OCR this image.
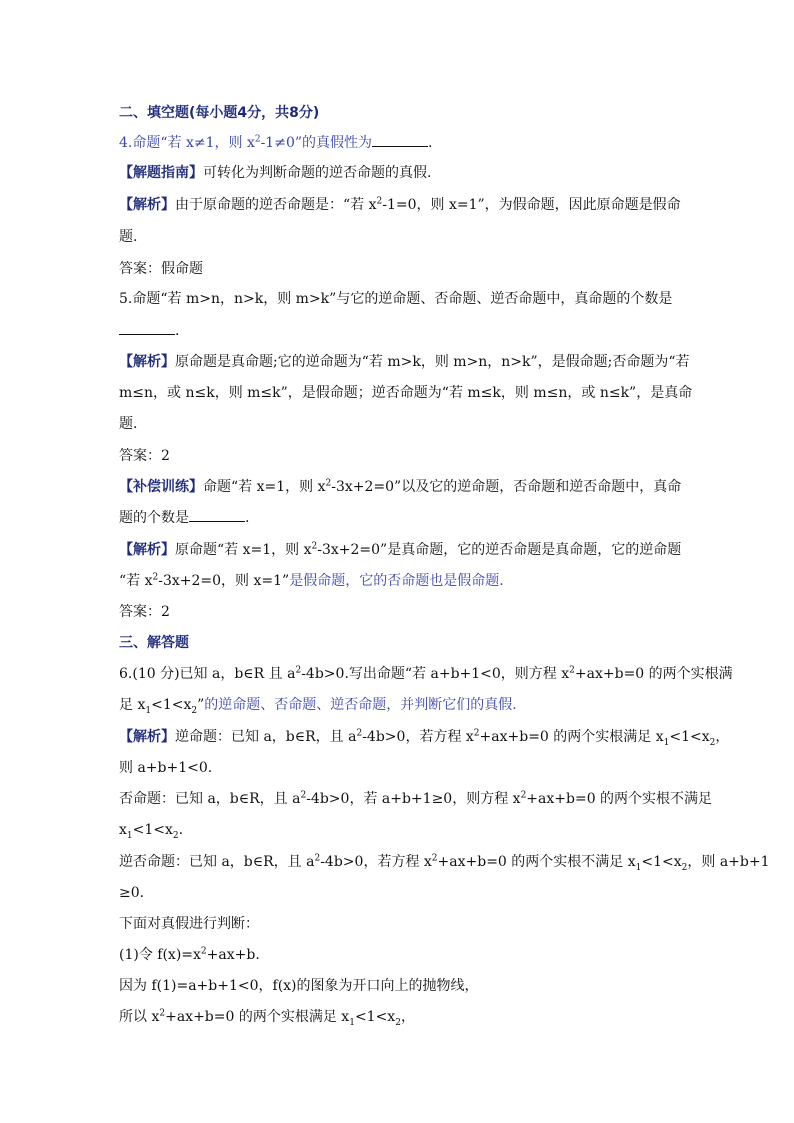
二、填空题(每小题4分，共8分)
4.命题“若 x≠1，则 $x^2-1\ne 0$”的真假性为	.
【解题指南】可转化为判断命题的逆否命题的真假.
【解析】由于原命题的逆否命题是：“若 $x^2-1=0$，则 x=1”，为假命题，因此原命题是假命
题.
答案：假命题
5.命题“若 m>n，n>k，则 m>k”与它的逆命题、否命题、逆否命题中，真命题的个数是
.
【解析】原命题是真命题;它的逆命题为“若 m>k，则 m>n，n>k”，是假命题;否命题为“若
m≤n，或 n≤k，则 m≤k”，是假命题；逆否命题为“若 m≤k，则 m≤n，或 n≤k”，是真命
题.
答案：2
【补偿训练】命题“若 x=1，则 $x^2-3x+2=0$”以及它的逆命题，否命题和逆否命题中，真命
题的个数是	.
【解析】原命题“若 x=1，则 $x^2-3x+2=0$”是真命题，它的逆否命题是真命题，它的逆命题
“若 $x^2-3x+2=0$，则 x=1”是假命题，它的否命题也是假命题.
答案：2
三、解答题
6.(10 分)已知 a，b∈R 且 $a^2-4b>0$.写出命题“若 a+b+1<0，则方程 $x^2+ax+b=0$ 的两个实根满
足 $x_1<1<x_2$”的逆命题、否命题、逆否命题，并判断它们的真假.
【解析】逆命题：已知 a，b∈R，且 $a^2-4b>0$，若方程 $x^2+ax+b=0$ 的两个实根满足 $x_1<1<x_2$，
则 a+b+1<0.
否命题：已知 a，b∈R，且 $a^2-4b>0$，若 a+b+1≥0，则方程 $x^2+ax+b=0$ 的两个实根不满足
$x_1<1<x_2$.
逆否命题：已知 a，b∈R，且 $a^2-4b>0$，若方程 $x^2+ax+b=0$ 的两个实根不满足 $x_1<1<x_2$，则 a+b+1
≥0.
下面对真假进行判断：
(1)令 $f(x)=x^2+ax+b$.
因为 f(1)=a+b+1<0，f(x)的图象为开口向上的抛物线，
所以 $x^2+ax+b=0$ 的两个实根满足 $x_1<1<x_2$，
